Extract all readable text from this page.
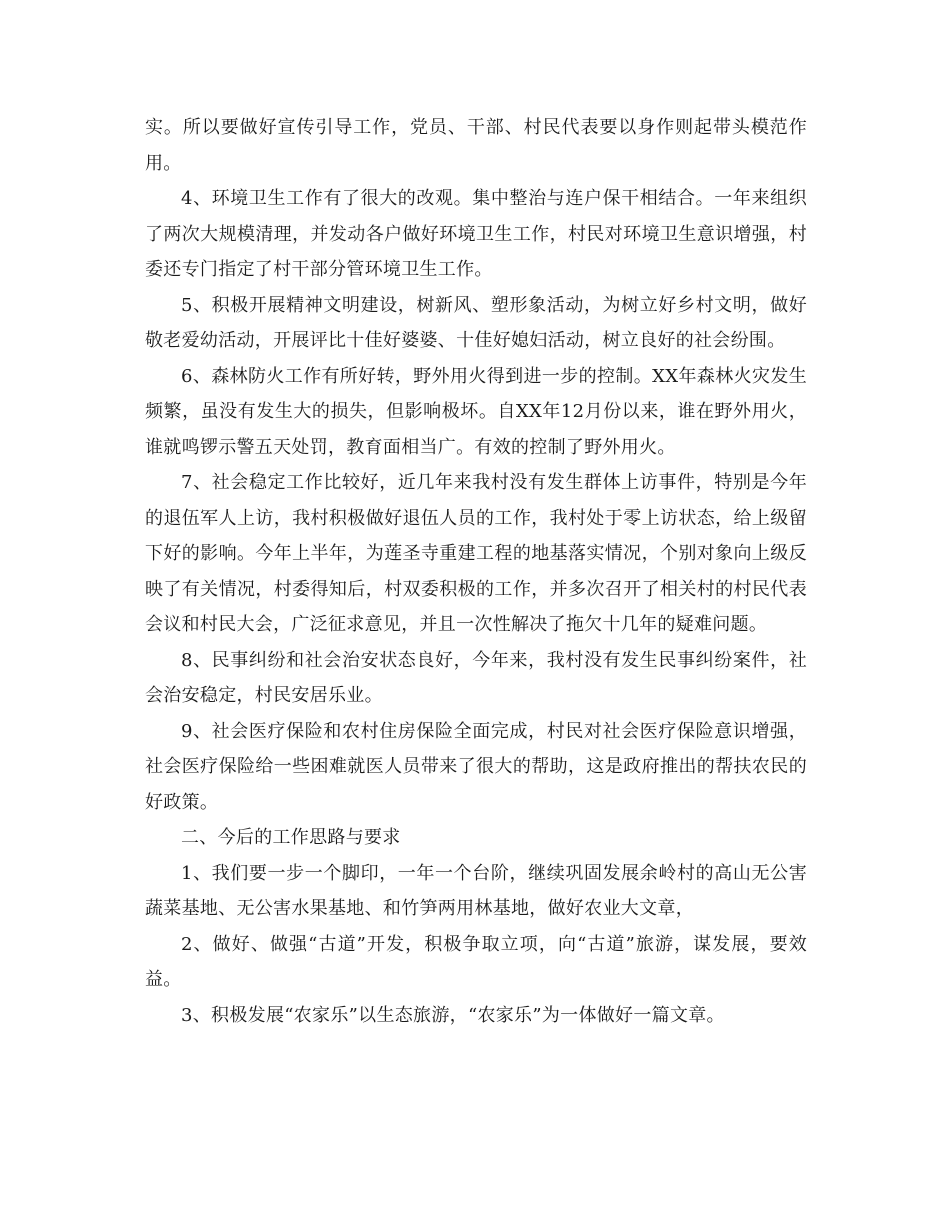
实。所以要做好宣传引导工作，党员、干部、村民代表要以身作则起带头模范作用。

4、环境卫生工作有了很大的改观。集中整治与连户保干相结合。一年来组织了两次大规模清理，并发动各户做好环境卫生工作，村民对环境卫生意识增强，村委还专门指定了村干部分管环境卫生工作。

5、积极开展精神文明建设，树新风、塑形象活动，为树立好乡村文明，做好敬老爱幼活动，开展评比十佳好婆婆、十佳好媳妇活动，树立良好的社会纷围。

6、森林防火工作有所好转，野外用火得到进一步的控制。XX年森林火灾发生频繁，虽没有发生大的损失，但影响极坏。自XX年12月份以来，谁在野外用火，谁就鸣锣示警五天处罚，教育面相当广。有效的控制了野外用火。

7、社会稳定工作比较好，近几年来我村没有发生群体上访事件，特别是今年的退伍军人上访，我村积极做好退伍人员的工作，我村处于零上访状态，给上级留下好的影响。今年上半年，为莲圣寺重建工程的地基落实情况，个别对象向上级反映了有关情况，村委得知后，村双委积极的工作，并多次召开了相关村的村民代表会议和村民大会，广泛征求意见，并且一次性解决了拖欠十几年的疑难问题。

8、民事纠纷和社会治安状态良好，今年来，我村没有发生民事纠纷案件，社会治安稳定，村民安居乐业。

9、社会医疗保险和农村住房保险全面完成，村民对社会医疗保险意识增强，社会医疗保险给一些困难就医人员带来了很大的帮助，这是政府推出的帮扶农民的好政策。

二、今后的工作思路与要求

1、我们要一步一个脚印，一年一个台阶，继续巩固发展余岭村的高山无公害蔬菜基地、无公害水果基地、和竹笋两用林基地，做好农业大文章，

2、做好、做强“古道”开发，积极争取立项，向“古道”旅游，谋发展，要效益。

3、积极发展“农家乐”以生态旅游，“农家乐”为一体做好一篇文章。
